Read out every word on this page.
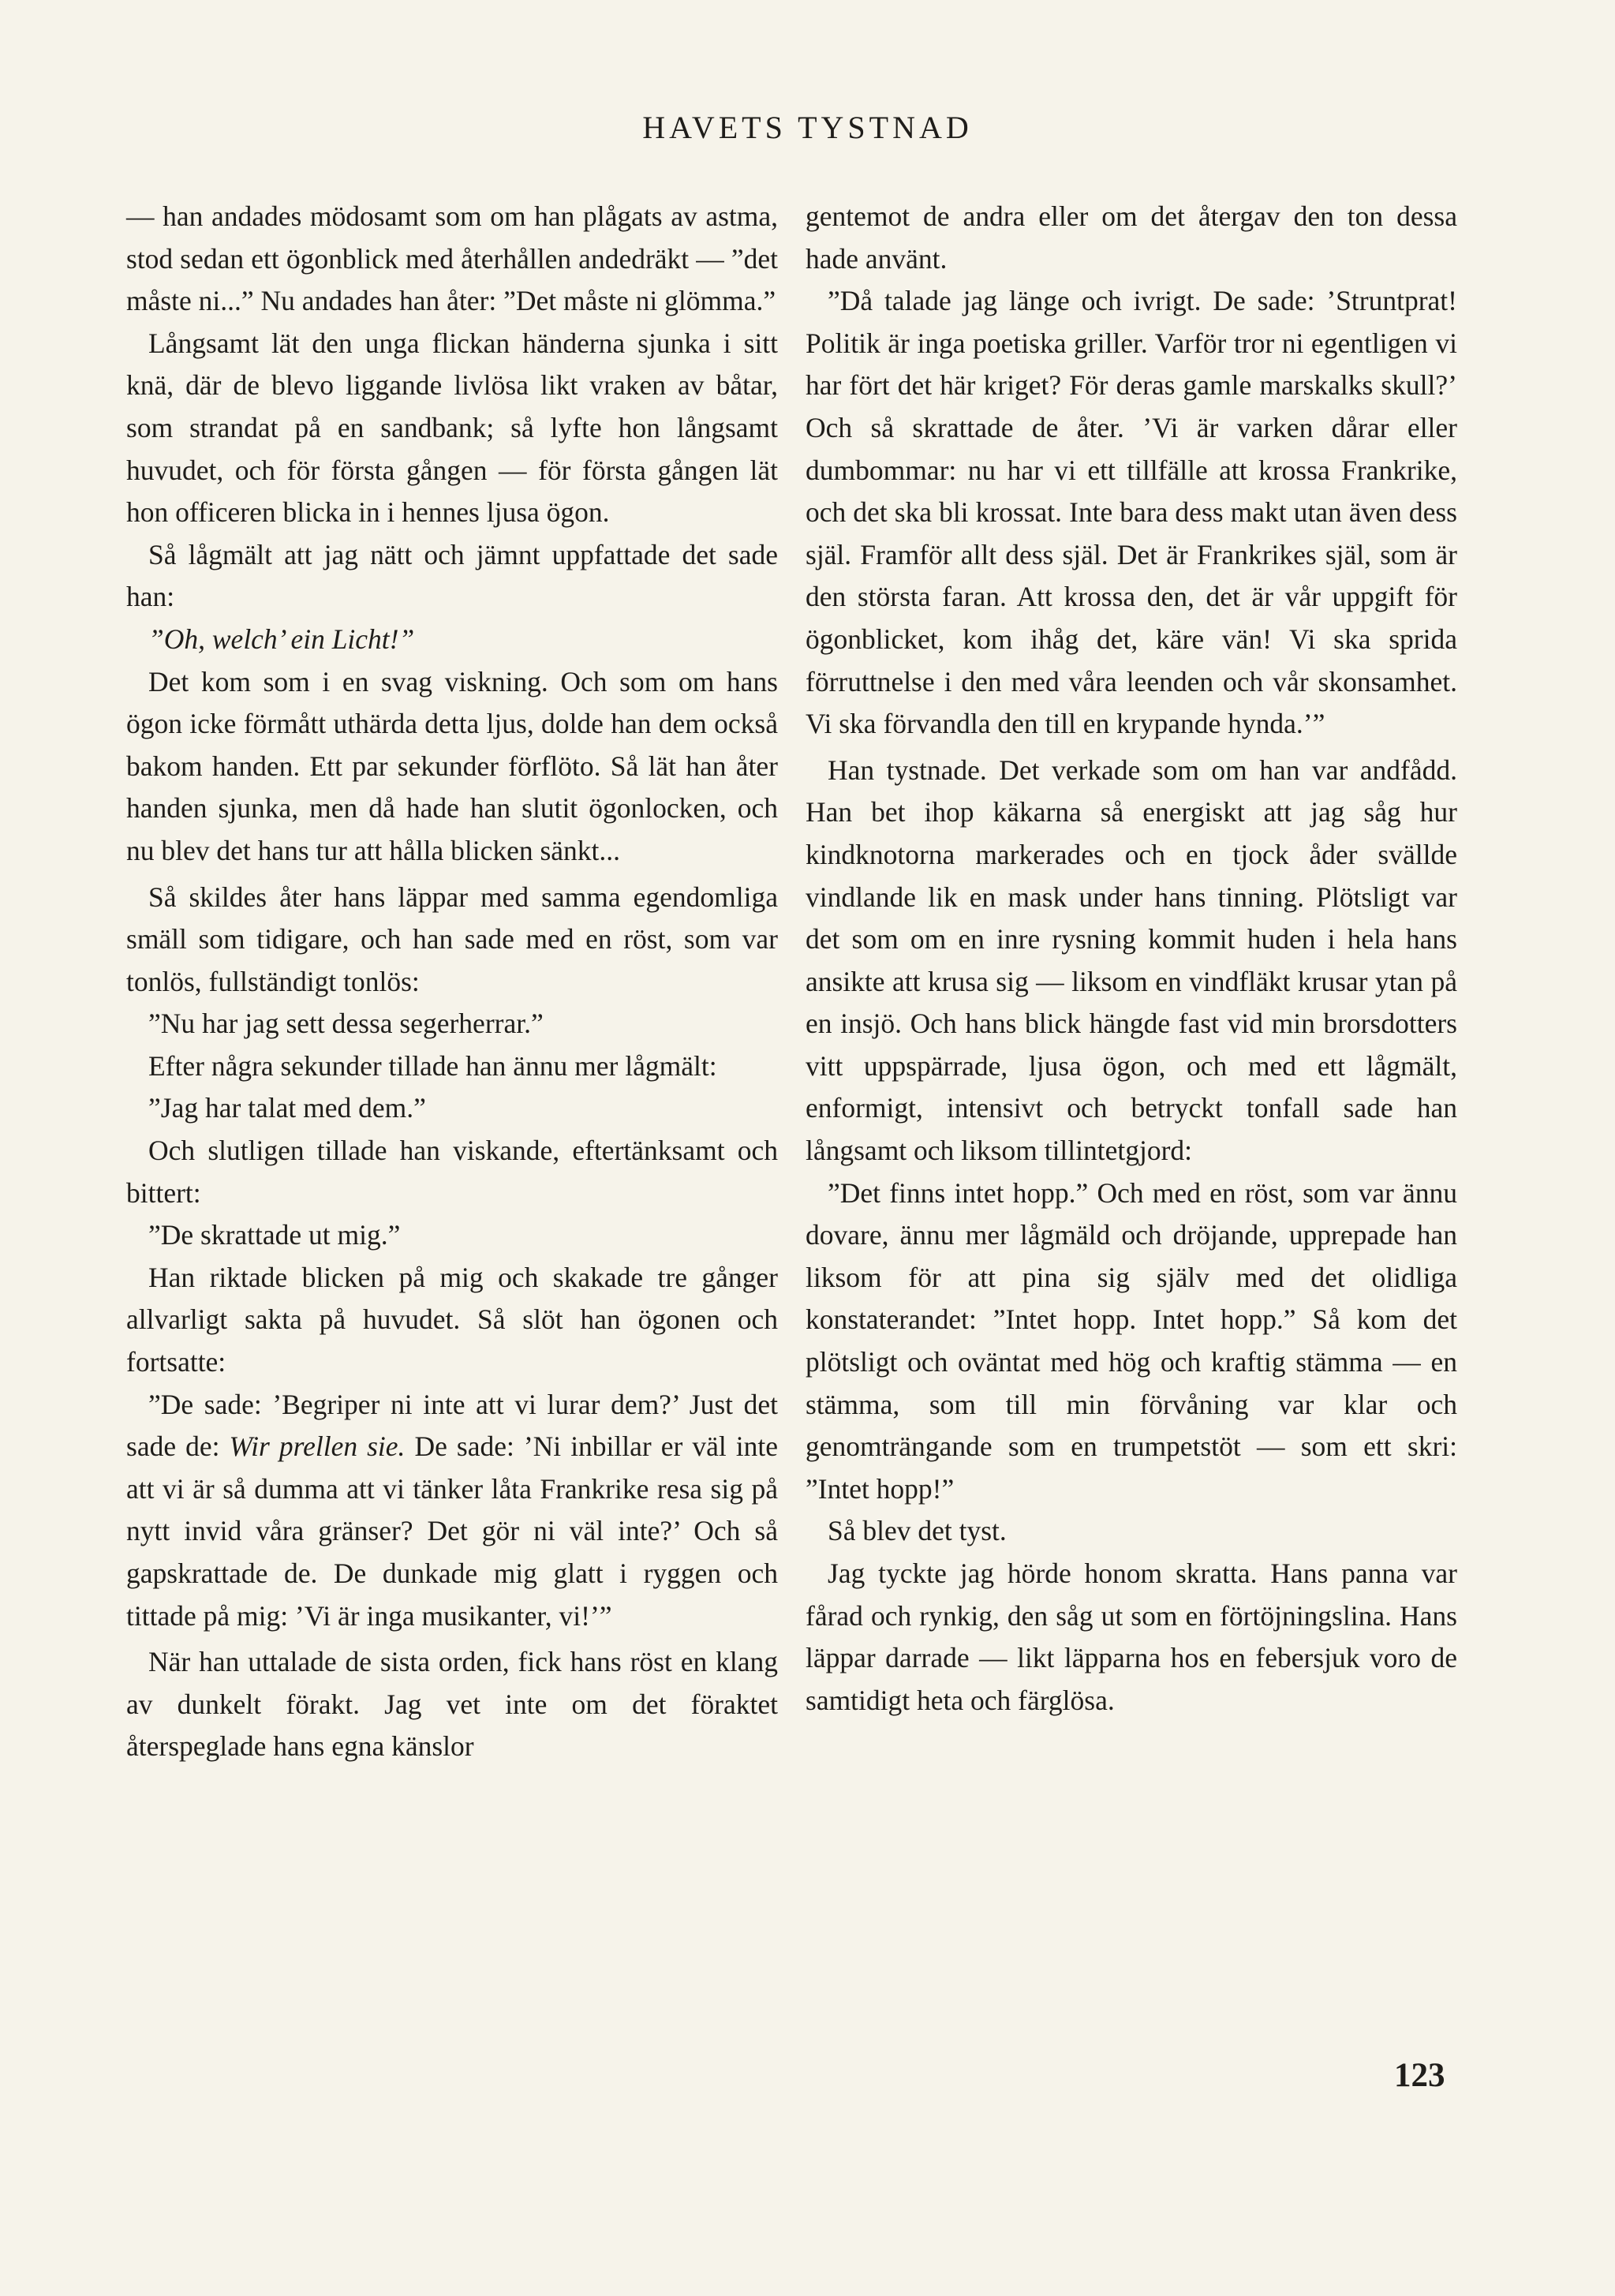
HAVETS TYSTNAD

— han andades mödosamt som om han plågats av astma, stod sedan ett ögonblick med återhållen andedräkt — ”det måste ni...” Nu andades han åter: ”Det måste ni glömma.”

Långsamt lät den unga flickan händerna sjunka i sitt knä, där de blevo liggande livlösa likt vraken av båtar, som strandat på en sandbank; så lyfte hon långsamt huvudet, och för första gången — för första gången lät hon officeren blicka in i hennes ljusa ögon.

Så lågmält att jag nätt och jämnt uppfattade det sade han:

”Oh, welch’ ein Licht!”

Det kom som i en svag viskning. Och som om hans ögon icke förmått uthärda detta ljus, dolde han dem också bakom handen. Ett par sekunder förflöto. Så lät han åter handen sjunka, men då hade han slutit ögonlocken, och nu blev det hans tur att hålla blicken sänkt...

Så skildes åter hans läppar med samma egendomliga smäll som tidigare, och han sade med en röst, som var tonlös, fullständigt tonlös:

”Nu har jag sett dessa segerherrar.”

Efter några sekunder tillade han ännu mer lågmält:

”Jag har talat med dem.”

Och slutligen tillade han viskande, eftertänksamt och bittert:

”De skrattade ut mig.”

Han riktade blicken på mig och skakade tre gånger allvarligt sakta på huvudet. Så slöt han ögonen och fortsatte:

”De sade: ’Begriper ni inte att vi lurar dem?’ Just det sade de: Wir prellen sie. De sade: ’Ni inbillar er väl inte att vi är så dumma att vi tänker låta Frankrike resa sig på nytt invid våra gränser? Det gör ni väl inte?’ Och så gapskrattade de. De dunkade mig glatt i ryggen och tittade på mig: ’Vi är inga musikanter, vi!’”

När han uttalade de sista orden, fick hans röst en klang av dunkelt förakt. Jag vet inte om det föraktet återspeglade hans egna känslor

gentemot de andra eller om det återgav den ton dessa hade använt.

”Då talade jag länge och ivrigt. De sade: ’Struntprat! Politik är inga poetiska griller. Varför tror ni egentligen vi har fört det här kriget? För deras gamle marskalks skull?’ Och så skrattade de åter. ’Vi är varken dårar eller dumbommar: nu har vi ett tillfälle att krossa Frankrike, och det ska bli krossat. Inte bara dess makt utan även dess själ. Framför allt dess själ. Det är Frankrikes själ, som är den största faran. Att krossa den, det är vår uppgift för ögonblicket, kom ihåg det, käre vän! Vi ska sprida förruttnelse i den med våra leenden och vår skonsamhet. Vi ska förvandla den till en krypande hynda.’”

Han tystnade. Det verkade som om han var andfådd. Han bet ihop käkarna så energiskt att jag såg hur kindknotorna markerades och en tjock åder svällde vindlande lik en mask under hans tinning. Plötsligt var det som om en inre rysning kommit huden i hela hans ansikte att krusa sig — liksom en vindfläkt krusar ytan på en insjö. Och hans blick hängde fast vid min brorsdotters vitt uppspärrade, ljusa ögon, och med ett lågmält, enformigt, intensivt och betryckt tonfall sade han långsamt och liksom tillintetgjord:

”Det finns intet hopp.” Och med en röst, som var ännu dovare, ännu mer lågmäld och dröjande, upprepade han liksom för att pina sig själv med det olidliga konstaterandet: ”Intet hopp. Intet hopp.” Så kom det plötsligt och oväntat med hög och kraftig stämma — en stämma, som till min förvåning var klar och genomträngande som en trumpetstöt — som ett skri: ”Intet hopp!”

Så blev det tyst.

Jag tyckte jag hörde honom skratta. Hans panna var fårad och rynkig, den såg ut som en förtöjningslina. Hans läppar darrade — likt läpparna hos en febersjuk voro de samtidigt heta och färglösa.

123
